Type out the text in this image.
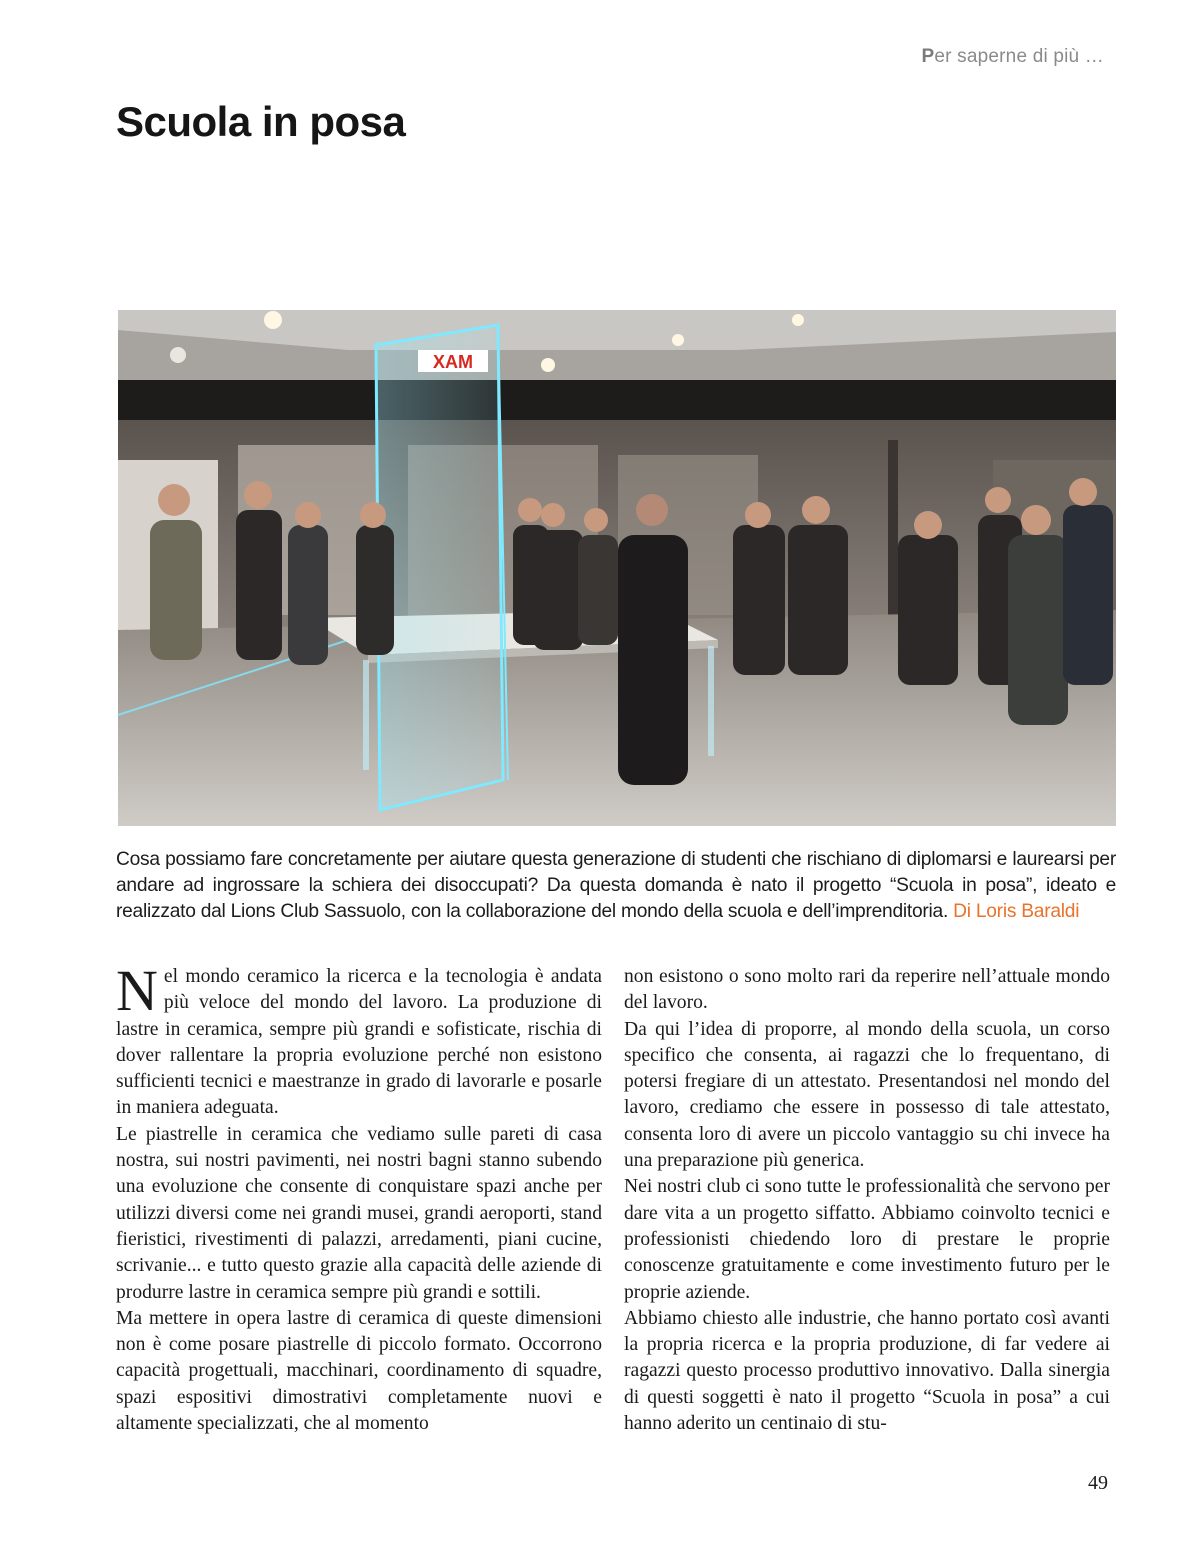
Per saperne di più …
Scuola in posa
MAX

Cosa possiamo fare concretamente per aiutare questa generazione di studenti che rischiano di diplomarsi e laurearsi per andare ad ingrossare la schiera dei disoccupati? Da questa domanda è nato il progetto “Scuola in posa”, ideato e realizzato dal Lions Club Sassuolo, con la collaborazione del mondo della scuola e dell’imprenditoria. Di Loris Baraldi

Nel mondo ceramico la ricerca e la tecnologia è andata più veloce del mondo del lavoro. La produzione di lastre in ceramica, sempre più grandi e sofisticate, rischia di dover rallentare la propria evoluzione perché non esistono sufficienti tecnici e maestranze in grado di lavorarle e posarle in maniera adeguata.

Le piastrelle in ceramica che vediamo sulle pareti di casa nostra, sui nostri pavimenti, nei nostri bagni stanno subendo una evoluzione che consente di conquistare spazi anche per utilizzi diversi come nei grandi musei, grandi aeroporti, stand fieristici, rivestimenti di palazzi, arredamenti, piani cucine, scrivanie... e tutto questo grazie alla capacità delle aziende di produrre lastre in ceramica sempre più grandi e sottili.

Ma mettere in opera lastre di ceramica di queste dimensioni non è come posare piastrelle di piccolo formato. Occorrono capacità progettuali, macchinari, coordinamento di squadre, spazi espositivi dimostrativi completamente nuovi e altamente specializzati, che al momento

non esistono o sono molto rari da reperire nell’attuale mondo del lavoro.

Da qui l’idea di proporre, al mondo della scuola, un corso specifico che consenta, ai ragazzi che lo frequentano, di potersi fregiare di un attestato. Presentandosi nel mondo del lavoro, crediamo che essere in possesso di tale attestato, consenta loro di avere un piccolo vantaggio su chi invece ha una preparazione più generica.

Nei nostri club ci sono tutte le professionalità che servono per dare vita a un progetto siffatto. Abbiamo coinvolto tecnici e professionisti chiedendo loro di prestare le proprie conoscenze gratuitamente e come investimento futuro per le proprie aziende.

Abbiamo chiesto alle industrie, che hanno portato così avanti la propria ricerca e la propria produzione, di far vedere ai ragazzi questo processo produttivo innovativo. Dalla sinergia di questi soggetti è nato il progetto “Scuola in posa” a cui hanno aderito un centinaio di stu-

49
